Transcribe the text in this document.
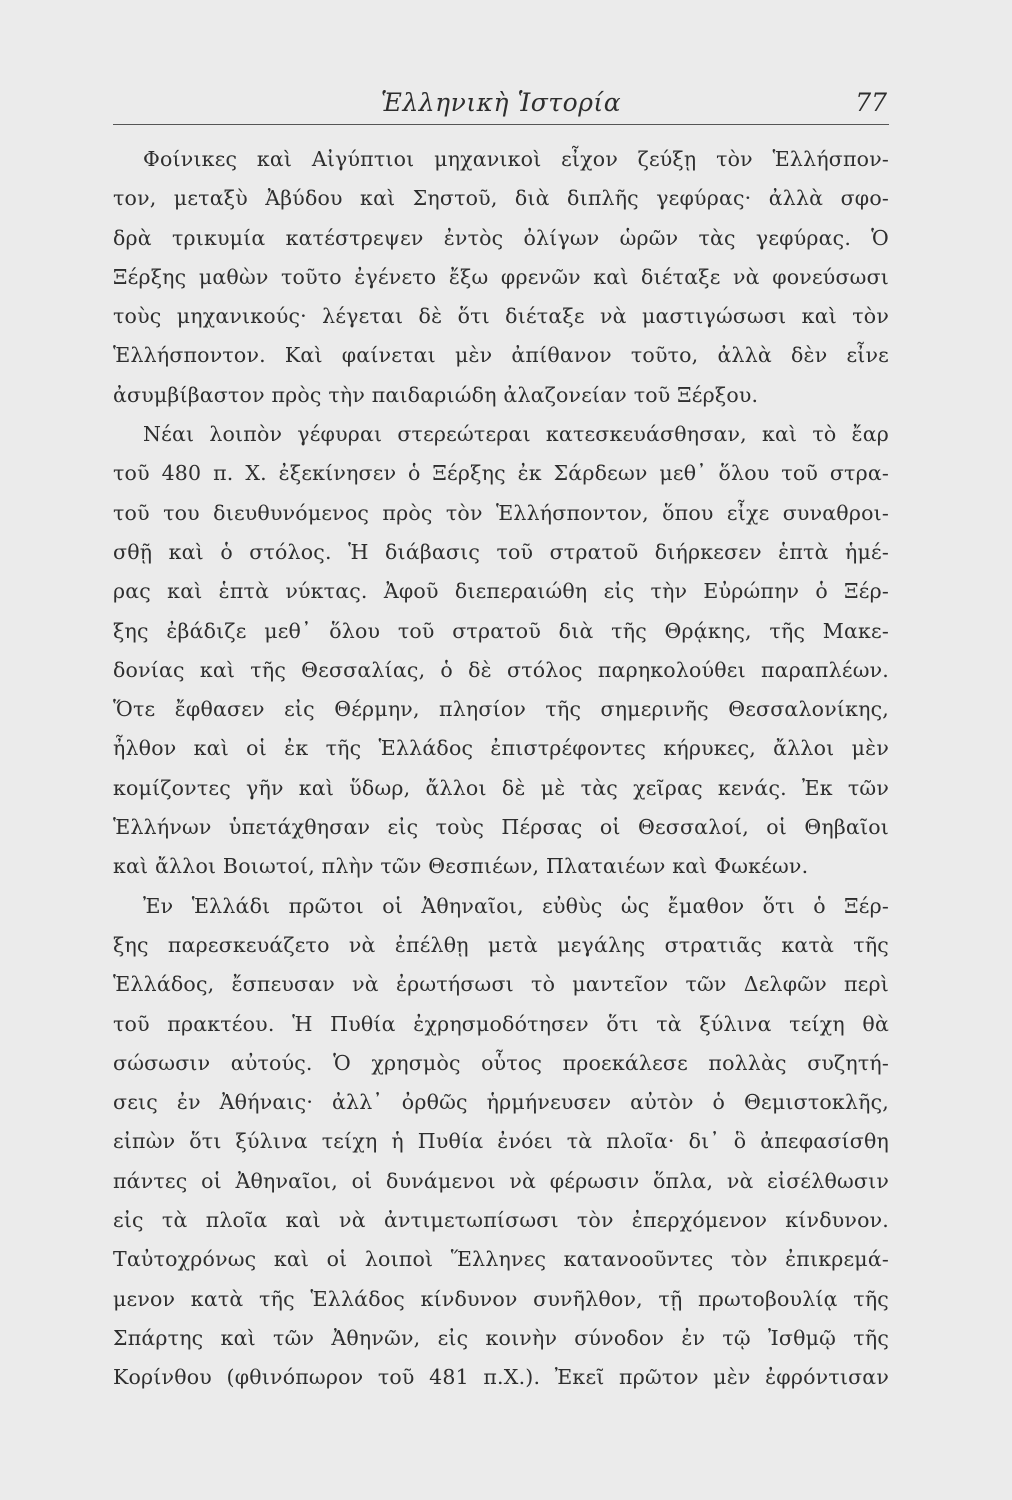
Ἑλληνικὴ Ἱστορία	77
Φοίνικες καὶ Αἰγύπτιοι μηχανικοὶ εἶχον ζεύξῃ τὸν Ἑλλήσπον-
τον, μεταξὺ Ἀβύδου καὶ Σηστοῦ, διὰ διπλῆς γεφύρας· ἀλλὰ σφο-
δρὰ τρικυμία κατέστρεψεν ἐντὸς ὀλίγων ὡρῶν τὰς γεφύρας. Ὁ
Ξέρξης μαθὼν τοῦτο ἐγένετο ἔξω φρενῶν καὶ διέταξε νὰ φονεύσωσι
τοὺς μηχανικούς· λέγεται δὲ ὅτι διέταξε νὰ μαστιγώσωσι καὶ τὸν
Ἑλλήσποντον. Καὶ φαίνεται μὲν ἀπίθανον τοῦτο, ἀλλὰ δὲν εἶνε
ἀσυμβίβαστον πρὸς τὴν παιδαριώδη ἀλαζονείαν τοῦ Ξέρξου.
Νέαι λοιπὸν γέφυραι στερεώτεραι κατεσκευάσθησαν, καὶ τὸ ἔαρ
τοῦ 480 π. Χ. ἐξεκίνησεν ὁ Ξέρξης ἐκ Σάρδεων μεθ᾽ ὅλου τοῦ στρα-
τοῦ του διευθυνόμενος πρὸς τὸν Ἑλλήσποντον, ὅπου εἶχε συναθροι-
σθῇ καὶ ὁ στόλος. Ἡ διάβασις τοῦ στρατοῦ διήρκεσεν ἑπτὰ ἡμέ-
ρας καὶ ἑπτὰ νύκτας. Ἀφοῦ διεπεραιώθη εἰς τὴν Εὐρώπην ὁ Ξέρ-
ξης ἐβάδιζε μεθ᾽ ὅλου τοῦ στρατοῦ διὰ τῆς Θρᾴκης, τῆς Μακε-
δονίας καὶ τῆς Θεσσαλίας, ὁ δὲ στόλος παρηκολούθει παραπλέων.
Ὅτε ἔφθασεν εἰς Θέρμην, πλησίον τῆς σημερινῆς Θεσσαλονίκης,
ἦλθον καὶ οἱ ἐκ τῆς Ἑλλάδος ἐπιστρέφοντες κήρυκες, ἄλλοι μὲν
κομίζοντες γῆν καὶ ὕδωρ, ἄλλοι δὲ μὲ τὰς χεῖρας κενάς. Ἐκ τῶν
Ἑλλήνων ὑπετάχθησαν εἰς τοὺς Πέρσας οἱ Θεσσαλοί, οἱ Θηβαῖοι
καὶ ἄλλοι Βοιωτοί, πλὴν τῶν Θεσπιέων, Πλαταιέων καὶ Φωκέων.
Ἐν Ἑλλάδι πρῶτοι οἱ Ἀθηναῖοι, εὐθὺς ὡς ἔμαθον ὅτι ὁ Ξέρ-
ξης παρεσκευάζετο νὰ ἐπέλθῃ μετὰ μεγάλης στρατιᾶς κατὰ τῆς
Ἑλλάδος, ἔσπευσαν νὰ ἐρωτήσωσι τὸ μαντεῖον τῶν Δελφῶν περὶ
τοῦ πρακτέου. Ἡ Πυθία ἐχρησμοδότησεν ὅτι τὰ ξύλινα τείχη θὰ
σώσωσιν αὐτούς. Ὁ χρησμὸς οὗτος προεκάλεσε πολλὰς συζητή-
σεις ἐν Ἀθήναις· ἀλλ᾽ ὀρθῶς ἡρμήνευσεν αὐτὸν ὁ Θεμιστοκλῆς,
εἰπὼν ὅτι ξύλινα τείχη ἡ Πυθία ἐνόει τὰ πλοῖα· δι᾽ ὃ ἀπεφασίσθη
πάντες οἱ Ἀθηναῖοι, οἱ δυνάμενοι νὰ φέρωσιν ὅπλα, νὰ εἰσέλθωσιν
εἰς τὰ πλοῖα καὶ νὰ ἀντιμετωπίσωσι τὸν ἐπερχόμενον κίνδυνον.
Ταὐτοχρόνως καὶ οἱ λοιποὶ Ἕλληνες κατανοοῦντες τὸν ἐπικρεμά-
μενον κατὰ τῆς Ἑλλάδος κίνδυνον συνῆλθον, τῇ πρωτοβουλίᾳ τῆς
Σπάρτης καὶ τῶν Ἀθηνῶν, εἰς κοινὴν σύνοδον ἐν τῷ Ἰσθμῷ τῆς
Κορίνθου (φθινόπωρον τοῦ 481 π.Χ.). Ἐκεῖ πρῶτον μὲν ἐφρόντισαν
